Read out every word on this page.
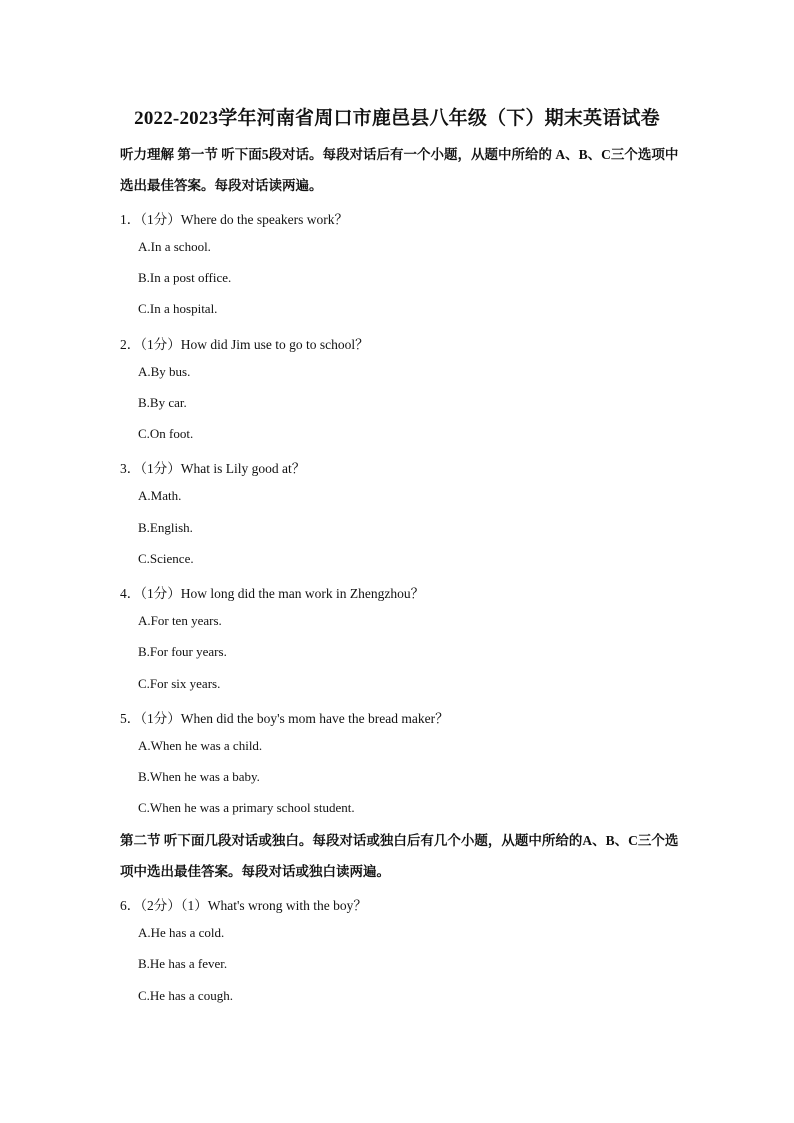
2022-2023学年河南省周口市鹿邑县八年级（下）期末英语试卷
听力理解 第一节 听下面5段对话。每段对话后有一个小题，从题中所给的 A、B、C三个选项中选出最佳答案。每段对话读两遍。
1．（1分）Where do the speakers work？
A.In a school.
B.In a post office.
C.In a hospital.
2．（1分）How did Jim use to go to school？
A.By bus.
B.By car.
C.On foot.
3．（1分）What is Lily good at？
A.Math.
B.English.
C.Science.
4．（1分）How long did the man work in Zhengzhou？
A.For ten years.
B.For four years.
C.For six years.
5．（1分）When did the boy's mom have the bread maker？
A.When he was a child.
B.When he was a baby.
C.When he was a primary school student.
第二节 听下面几段对话或独白。每段对话或独白后有几个小题，从题中所给的A、B、C三个选项中选出最佳答案。每段对话或独白读两遍。
6．（2分）（1）What's wrong with the boy？
A.He has a cold.
B.He has a fever.
C.He has a cough.
